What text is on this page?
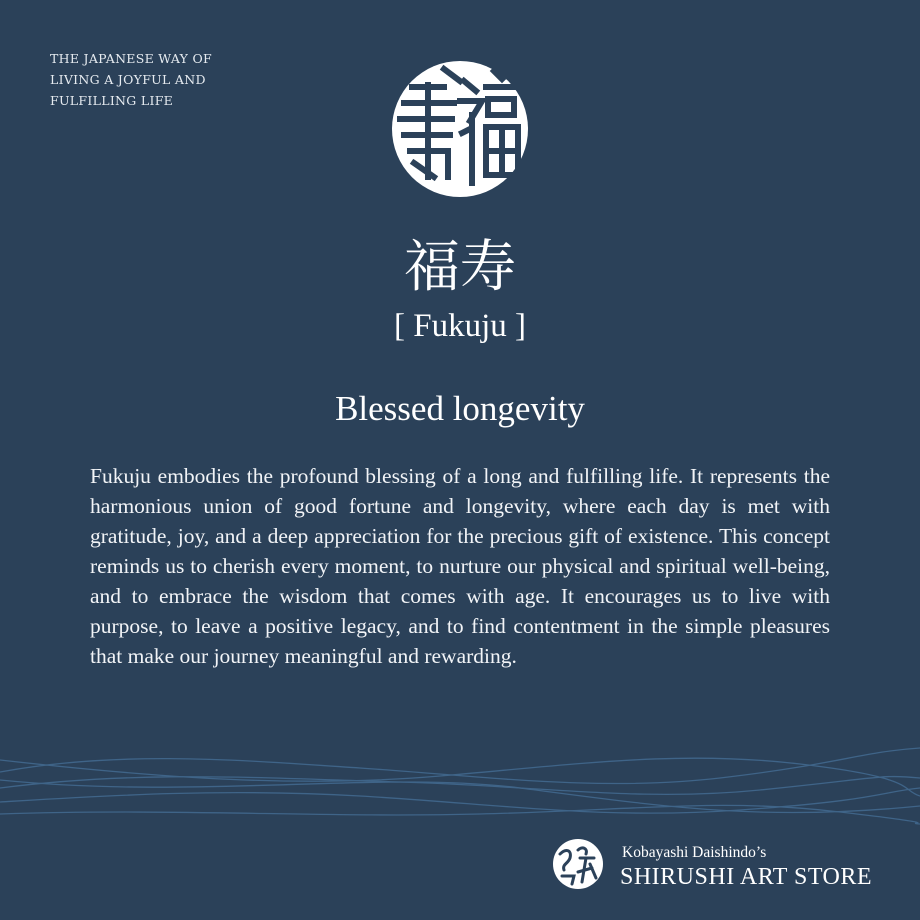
THE JAPANESE WAY OF
LIVING A JOYFUL AND
FULFILLING LIFE
福寿
[ Fukuju ]
Blessed longevity
Fukuju embodies the profound blessing of a long and fulfilling life. It represents the harmonious union of good fortune and longevity, where each day is met with gratitude, joy, and a deep appreciation for the precious gift of existence. This concept reminds us to cherish every moment, to nurture our physical and spiritual well-being, and to embrace the wisdom that comes with age. It encourages us to live with purpose, to leave a positive legacy, and to find contentment in the simple pleasures that make our journey meaningful and rewarding.
Kobayashi Daishindo’s
SHIRUSHI ART STORE
